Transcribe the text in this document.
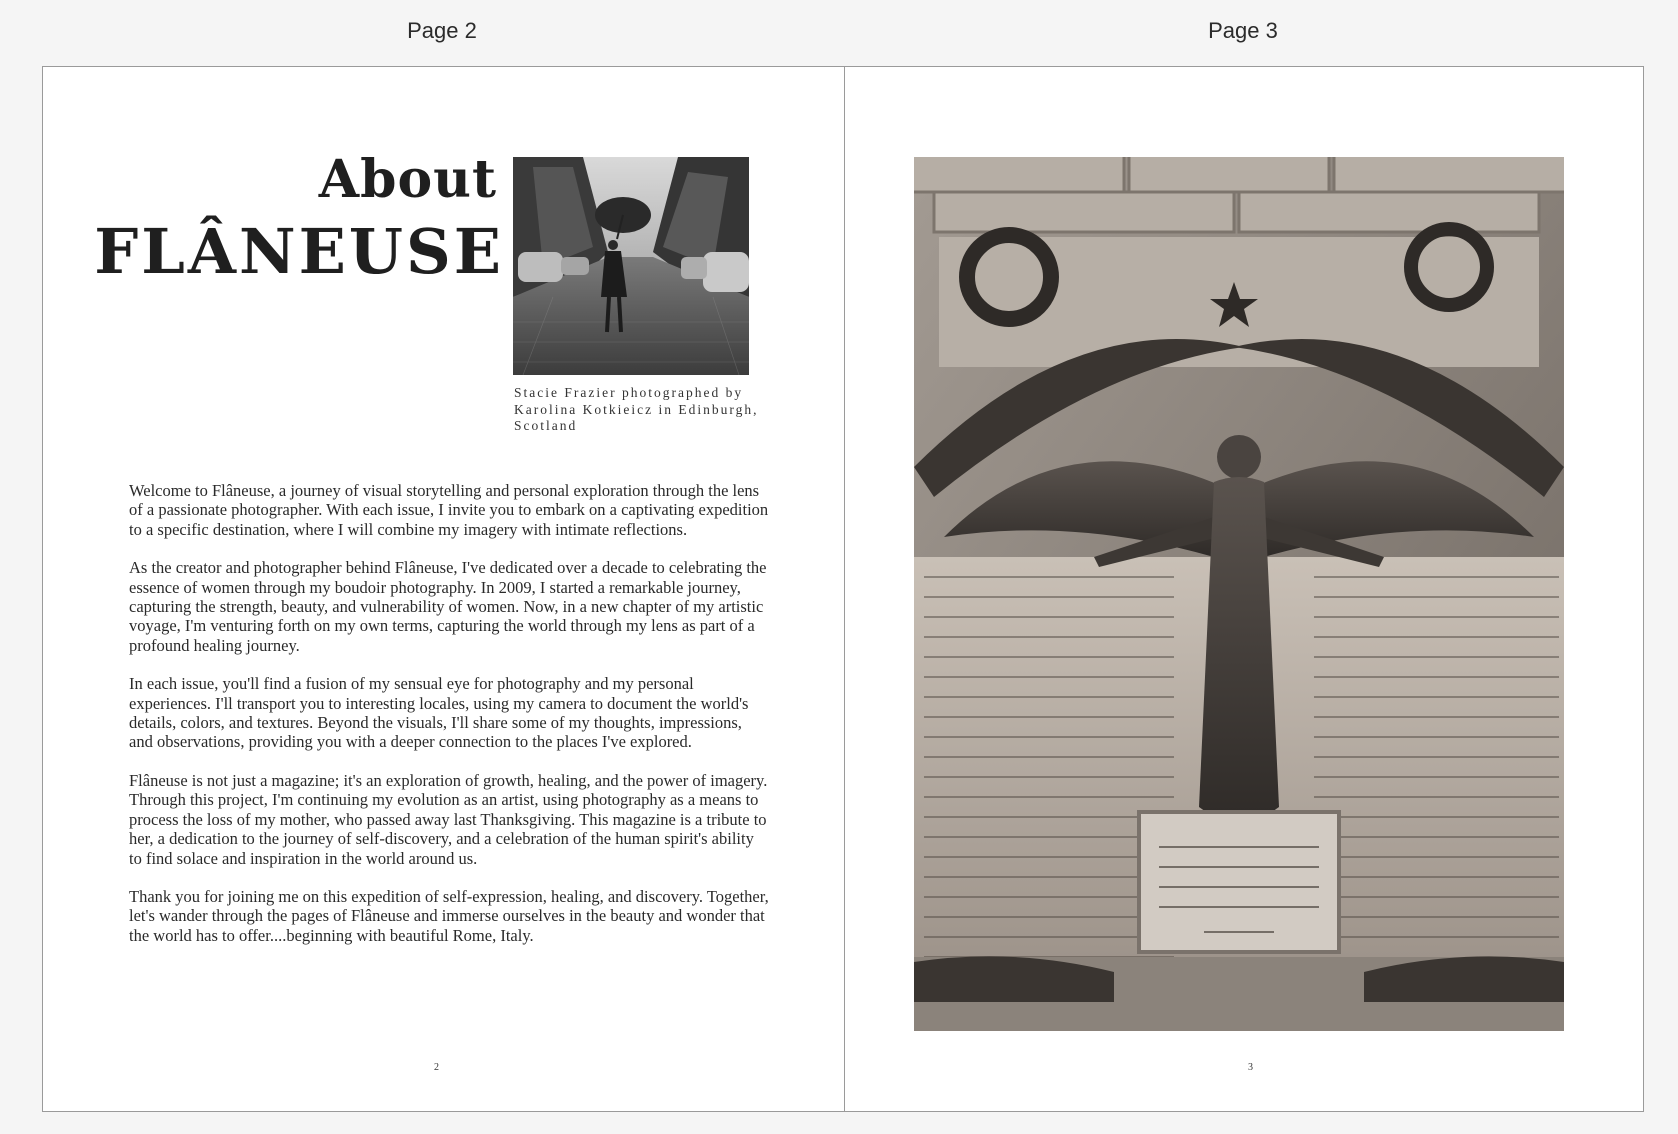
Page 2	Page 3
About
FLÂNEUSE
Stacie Frazier photographed by Karolina Kotkieicz in Edinburgh, Scotland

Welcome to Flâneuse, a journey of visual storytelling and personal exploration through the lens of a passionate photographer. With each issue, I invite you to embark on a captivating expedition to a specific destination, where I will combine my imagery with intimate reflections.

As the creator and photographer behind Flâneuse, I've dedicated over a decade to celebrating the essence of women through my boudoir photography. In 2009, I started a remarkable journey, capturing the strength, beauty, and vulnerability of women. Now, in a new chapter of my artistic voyage, I'm venturing forth on my own terms, capturing the world through my lens as part of a profound healing journey.

In each issue, you'll find a fusion of my sensual eye for photography and my personal experiences. I'll transport you to interesting locales, using my camera to document the world's details, colors, and textures. Beyond the visuals, I'll share some of my thoughts, impressions, and observations, providing you with a deeper connection to the places I've explored.

Flâneuse is not just a magazine; it's an exploration of growth, healing, and the power of imagery. Through this project, I'm continuing my evolution as an artist, using photography as a means to process the loss of my mother, who passed away last Thanksgiving. This magazine is a tribute to her, a dedication to the journey of self-discovery, and a celebration of the human spirit's ability to find solace and inspiration in the world around us.

Thank you for joining me on this expedition of self-expression, healing, and discovery. Together, let's wander through the pages of Flâneuse and immerse ourselves in the beauty and wonder that the world has to offer....beginning with beautiful Rome, Italy.

2	3
